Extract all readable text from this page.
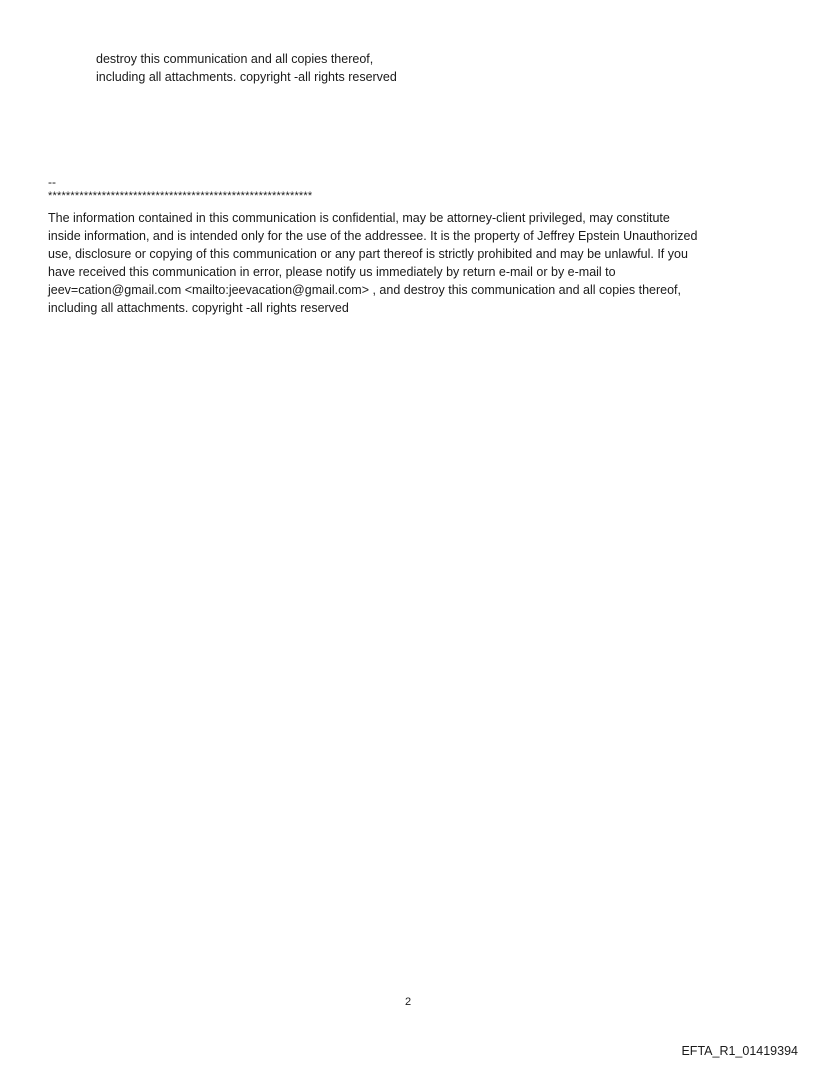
destroy this communication and all copies thereof,

including all attachments. copyright -all rights reserved

--

***********************************************************

The information contained in this communication is confidential, may be attorney-client privileged, may constitute

inside information, and is intended only for the use of the addressee. It is the property of Jeffrey Epstein Unauthorized

use, disclosure or copying of this communication or any part thereof is strictly prohibited and may be unlawful. If you

have received this communication in error, please notify us immediately by return e-mail or by e-mail to

jeev=cation@gmail.com <mailto:jeevacation@gmail.com> , and destroy this communication and all copies thereof,

including all attachments. copyright -all rights reserved

2

EFTA_R1_01419394
